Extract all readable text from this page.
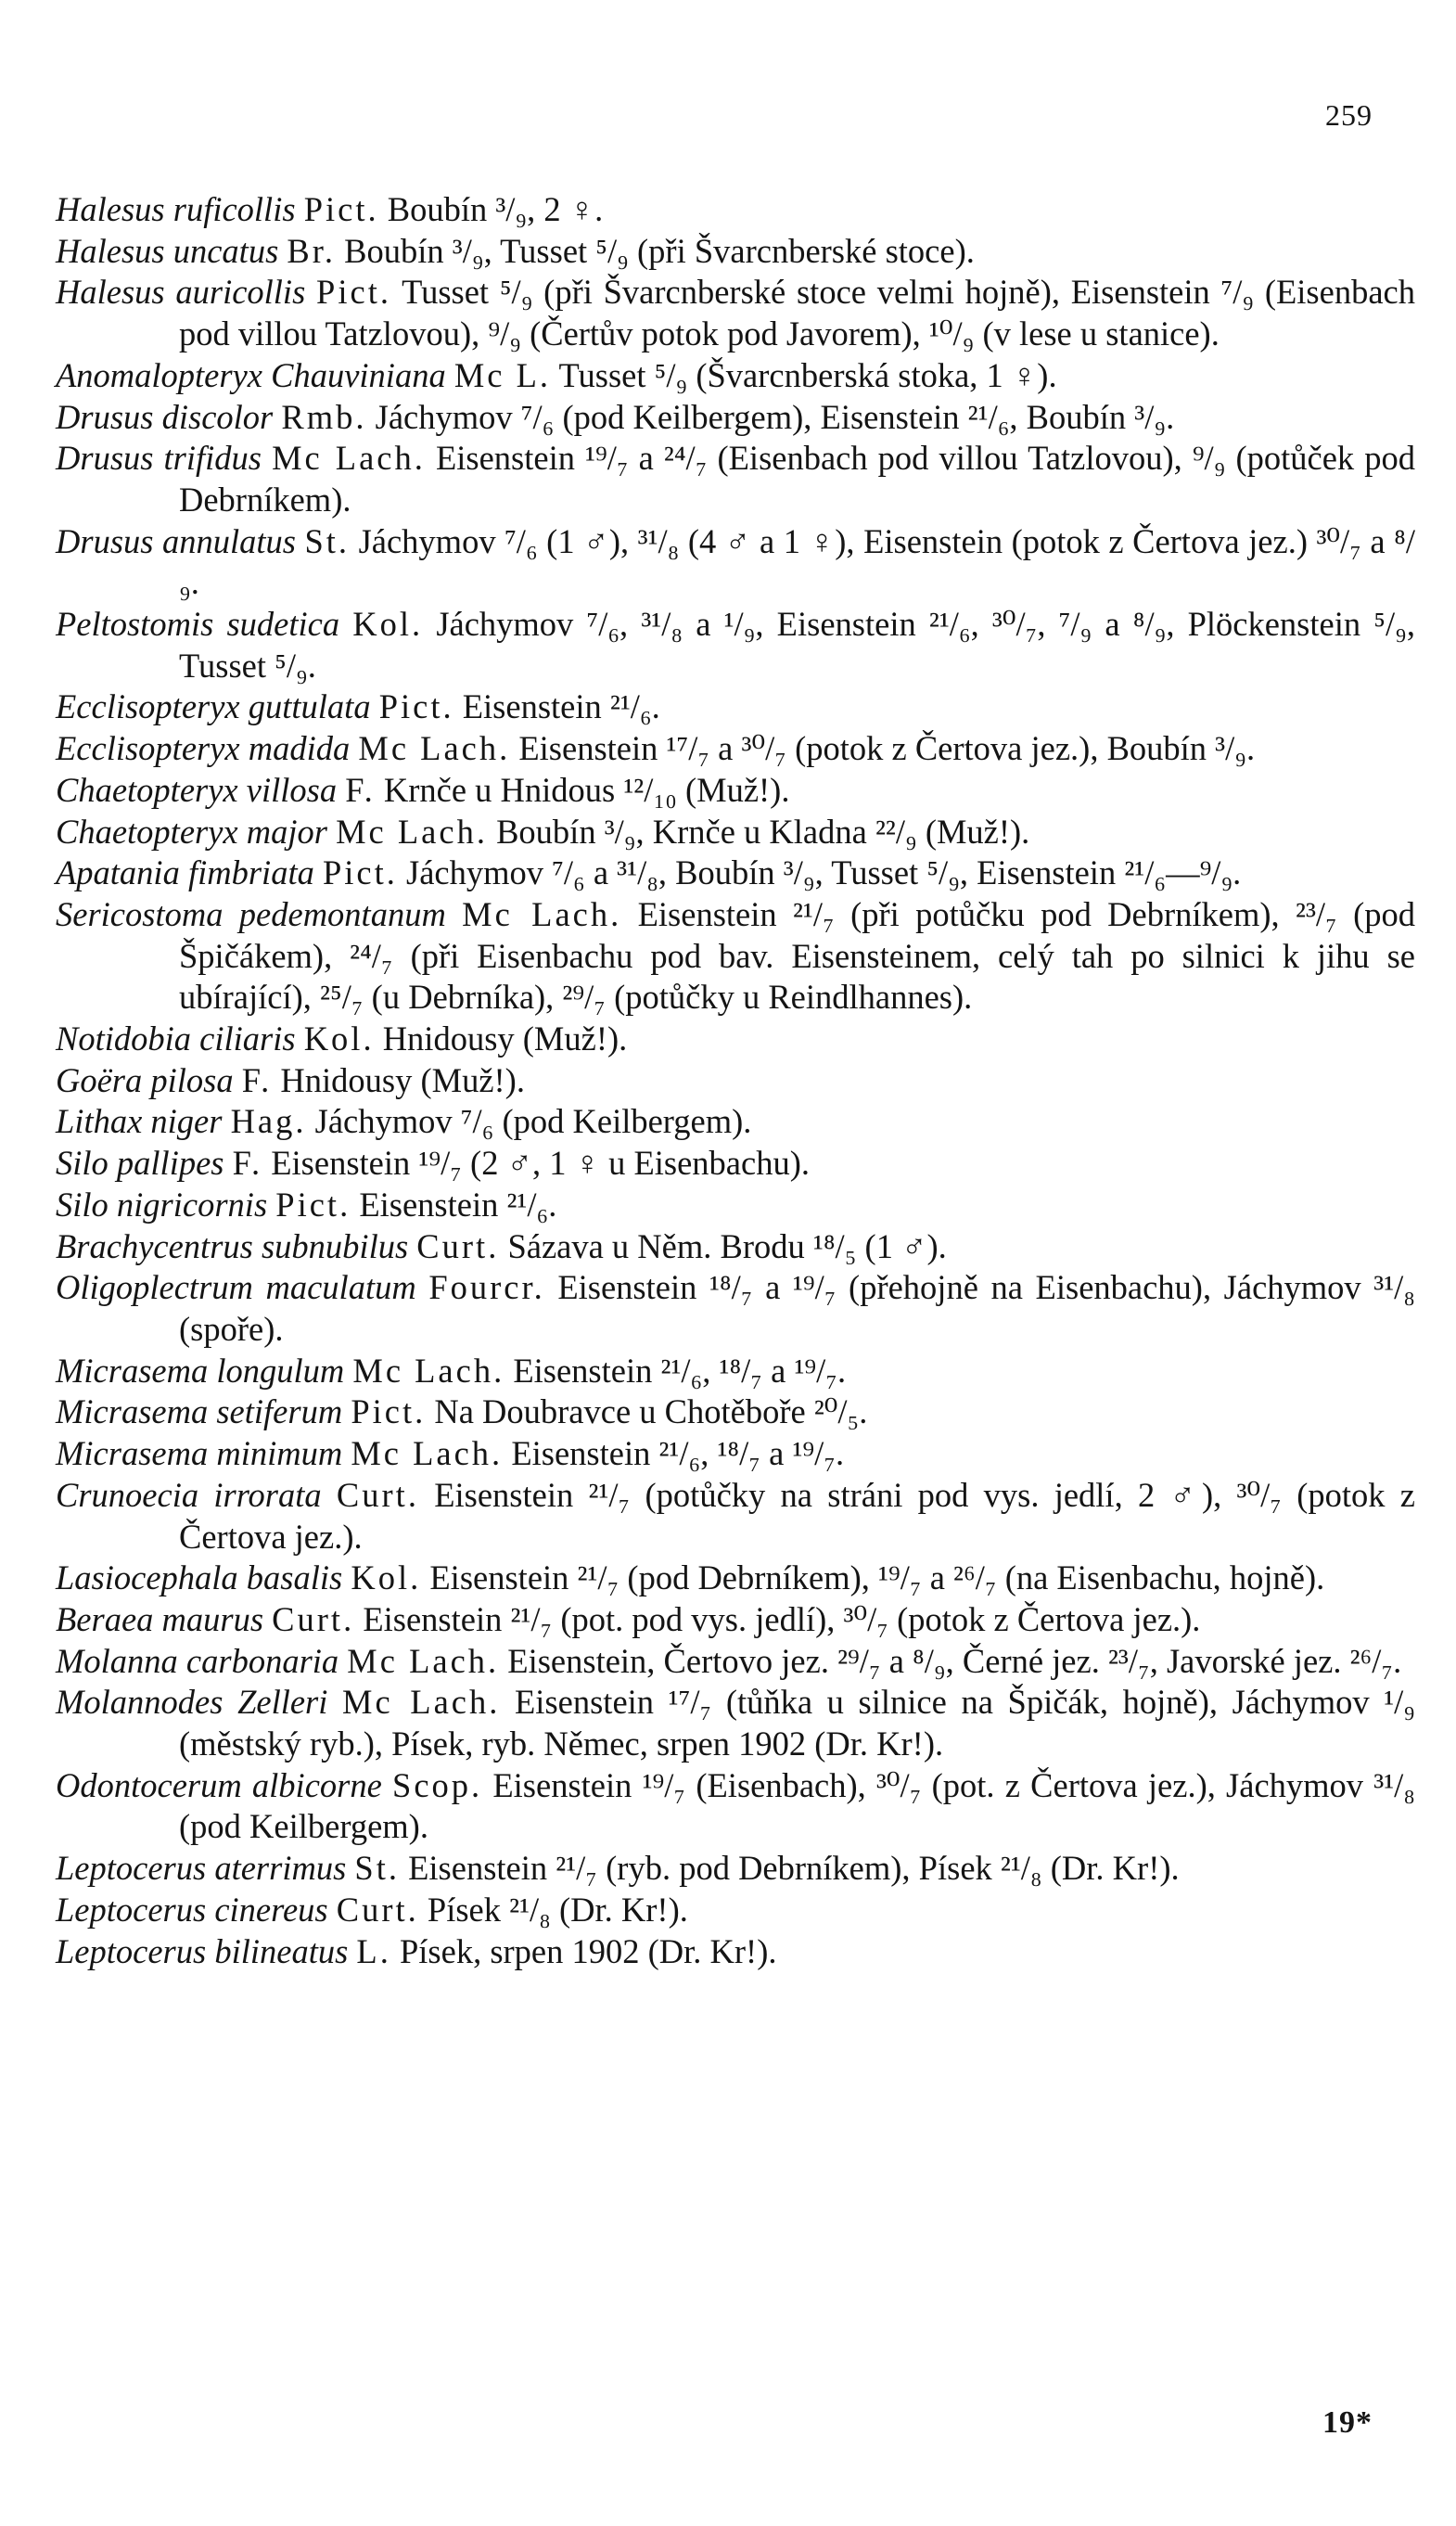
259

Halesus ruficollis Pict. Boubín ³/₉, 2 ♀.

Halesus uncatus Br. Boubín ³/₉, Tusset ⁵/₉ (při Švarcnberské stoce).

Halesus auricollis Pict. Tusset ⁵/₉ (při Švarcnberské stoce velmi hojně), Eisenstein ⁷/₉ (Eisenbach pod villou Tatzlovou), ⁹/₉ (Čertův potok pod Javorem), ¹⁰/₉ (v lese u stanice).

Anomalopteryx Chauviniana Mc L. Tusset ⁵/₉ (Švarcnberská stoka, 1 ♀).

Drusus discolor Rmb. Jáchymov ⁷/₆ (pod Keilbergem), Eisenstein ²¹/₆, Boubín ³/₉.

Drusus trifidus Mc Lach. Eisenstein ¹⁹/₇ a ²⁴/₇ (Eisenbach pod villou Tatzlovou), ⁹/₉ (potůček pod Debrníkem).

Drusus annulatus St. Jáchymov ⁷/₆ (1 ♂), ³¹/₈ (4 ♂ a 1 ♀), Eisenstein (potok z Čertova jez.) ³⁰/₇ a ⁸/₉.

Peltostomis sudetica Kol. Jáchymov ⁷/₆, ³¹/₈ a ¹/₉, Eisenstein ²¹/₆, ³⁰/₇, ⁷/₉ a ⁸/₉, Plöckenstein ⁵/₉, Tusset ⁵/₉.

Ecclisopteryx guttulata Pict. Eisenstein ²¹/₆.

Ecclisopteryx madida Mc Lach. Eisenstein ¹⁷/₇ a ³⁰/₇ (potok z Čertova jez.), Boubín ³/₉.

Chaetopteryx villosa F. Krnče u Hnidous ¹²/₁₀ (Muž!).

Chaetopteryx major Mc Lach. Boubín ³/₉, Krnče u Kladna ²²/₉ (Muž!).

Apatania fimbriata Pict. Jáchymov ⁷/₆ a ³¹/₈, Boubín ³/₉, Tusset ⁵/₉, Eisenstein ²¹/₆—⁹/₉.

Sericostoma pedemontanum Mc Lach. Eisenstein ²¹/₇ (při potůčku pod Debrníkem), ²³/₇ (pod Špičákem), ²⁴/₇ (při Eisenbachu pod bav. Eisensteinem, celý tah po silnici k jihu se ubírající), ²⁵/₇ (u Debrníka), ²⁹/₇ (potůčky u Reindlhannes).

Notidobia ciliaris Kol. Hnidousy (Muž!).

Goëra pilosa F. Hnidousy (Muž!).

Lithax niger Hag. Jáchymov ⁷/₆ (pod Keilbergem).

Silo pallipes F. Eisenstein ¹⁹/₇ (2 ♂, 1 ♀ u Eisenbachu).

Silo nigricornis Pict. Eisenstein ²¹/₆.

Brachycentrus subnubilus Curt. Sázava u Něm. Brodu ¹⁸/₅ (1 ♂).

Oligoplectrum maculatum Fourcr. Eisenstein ¹⁸/₇ a ¹⁹/₇ (přehojně na Eisenbachu), Jáchymov ³¹/₈ (spoře).

Micrasema longulum Mc Lach. Eisenstein ²¹/₆, ¹⁸/₇ a ¹⁹/₇.

Micrasema setiferum Pict. Na Doubravce u Chotěboře ²⁰/₅.

Micrasema minimum Mc Lach. Eisenstein ²¹/₆, ¹⁸/₇ a ¹⁹/₇.

Crunoecia irrorata Curt. Eisenstein ²¹/₇ (potůčky na stráni pod vys. jedlí, 2 ♂), ³⁰/₇ (potok z Čertova jez.).

Lasiocephala basalis Kol. Eisenstein ²¹/₇ (pod Debrníkem), ¹⁹/₇ a ²⁶/₇ (na Eisenbachu, hojně).

Beraea maurus Curt. Eisenstein ²¹/₇ (pot. pod vys. jedlí), ³⁰/₇ (potok z Čertova jez.).

Molanna carbonaria Mc Lach. Eisenstein, Čertovo jez. ²⁹/₇ a ⁸/₉, Černé jez. ²³/₇, Javorské jez. ²⁶/₇.

Molannodes Zelleri Mc Lach. Eisenstein ¹⁷/₇ (tůňka u silnice na Špičák, hojně), Jáchymov ¹/₉ (městský ryb.), Písek, ryb. Němec, srpen 1902 (Dr. Kr!).

Odontocerum albicorne Scop. Eisenstein ¹⁹/₇ (Eisenbach), ³⁰/₇ (pot. z Čertova jez.), Jáchymov ³¹/₈ (pod Keilbergem).

Leptocerus aterrimus St. Eisenstein ²¹/₇ (ryb. pod Debrníkem), Písek ²¹/₈ (Dr. Kr!).

Leptocerus cinereus Curt. Písek ²¹/₈ (Dr. Kr!).

Leptocerus bilineatus L. Písek, srpen 1902 (Dr. Kr!).

19*
